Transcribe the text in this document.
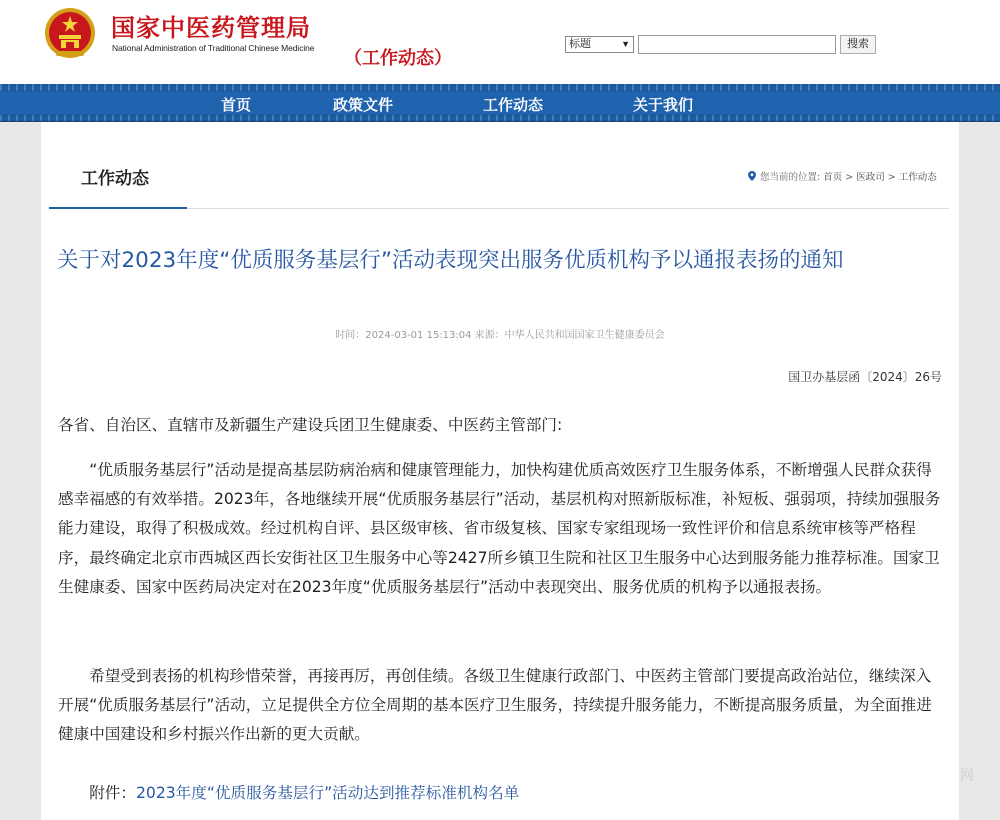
国家中医药管理局
National Administration of Traditional Chinese Medicine （工作动态）
标题	▼	搜索
首页	政策文件	工作动态	关于我们
工作动态	您当前的位置: 首页 > 医政司 > 工作动态
关于对2023年度“优质服务基层行”活动表现突出服务优质机构予以通报表扬的通知
时间：2024-03-01 15:13:04 来源：中华人民共和国国家卫生健康委员会
国卫办基层函〔2024〕26号

各省、自治区、直辖市及新疆生产建设兵团卫生健康委、中医药主管部门:

“优质服务基层行”活动是提高基层防病治病和健康管理能力，加快构建优质高效医疗卫生服务体系，不断增强人民群众获得感幸福感的有效举措。2023年，各地继续开展“优质服务基层行”活动，基层机构对照新版标准，补短板、强弱项，持续加强服务能力建设，取得了积极成效。经过机构自评、县区级审核、省市级复核、国家专家组现场一致性评价和信息系统审核等严格程序，最终确定北京市西城区西长安街社区卫生服务中心等2427所乡镇卫生院和社区卫生服务中心达到服务能力推荐标准。国家卫生健康委、国家中医药局决定对在2023年度“优质服务基层行”活动中表现突出、服务优质的机构予以通报表扬。

希望受到表扬的机构珍惜荣誉，再接再厉，再创佳绩。各级卫生健康行政部门、中医药主管部门要提高政治站位，继续深入开展“优质服务基层行”活动，立足提供全方位全周期的基本医疗卫生服务，持续提升服务能力，不断提高服务质量，为全面推进健康中国建设和乡村振兴作出新的更大贡献。

附件：2023年度“优质服务基层行”活动达到推荐标准机构名单

网
